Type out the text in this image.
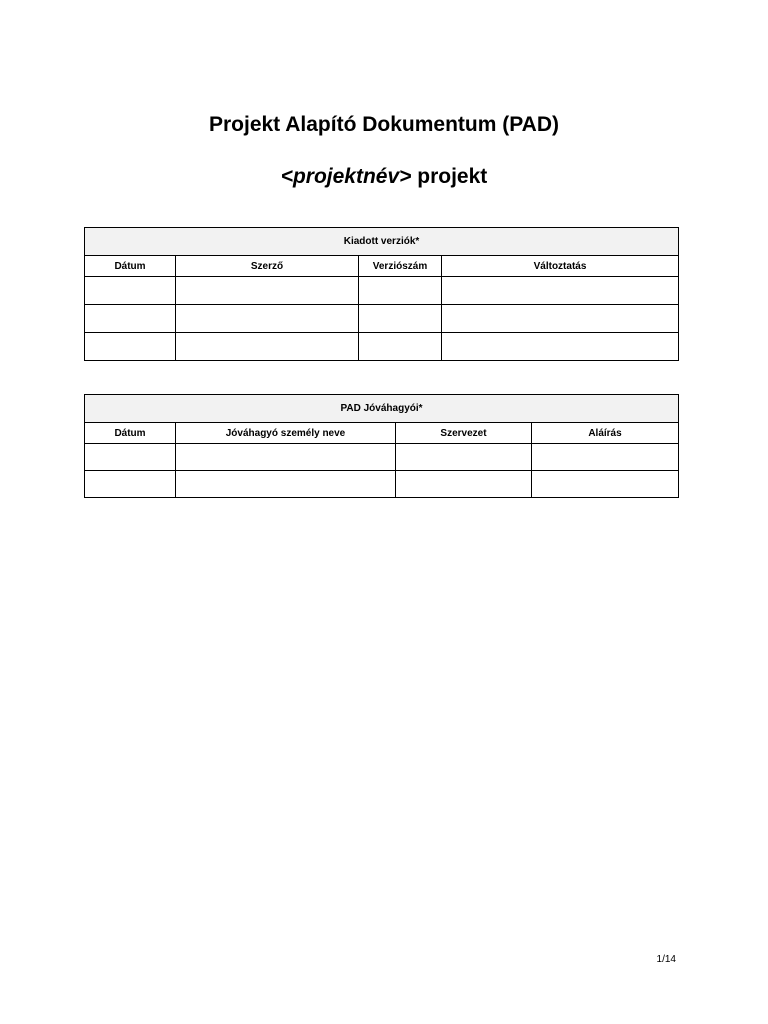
Projekt Alapító Dokumentum (PAD)
<projektnév> projekt
Kiadott verziók*			
Dátum	Szerző	Verziószám	Változtatás

PAD Jóváhagyói*			
Dátum	Jóváhagyó személy neve	Szervezet	Aláírás

1/14
